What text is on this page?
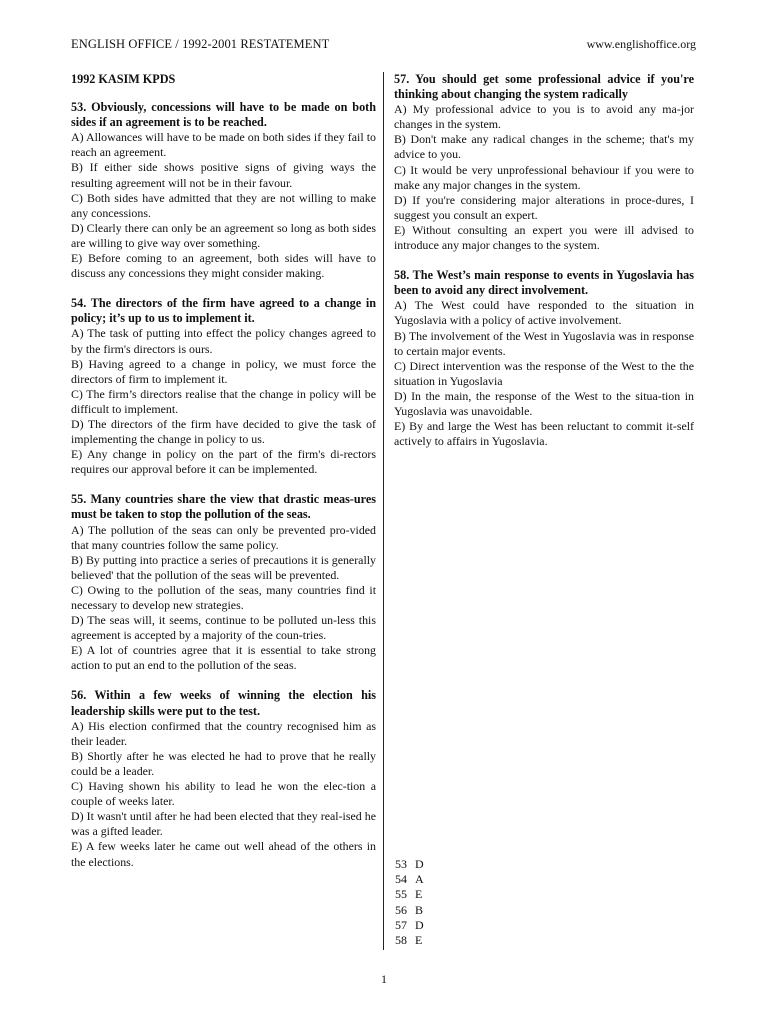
ENGLISH OFFICE / 1992-2001 RESTATEMENT	www.englishoffice.org
1992 KASIM KPDS
53. Obviously, concessions will have to be made on both sides if an agreement is to be reached.
A) Allowances will have to be made on both sides if they fail to reach an agreement.
B) If either side shows positive signs of giving ways the resulting agreement will not be in their favour.
C) Both sides have admitted that they are not willing to make any concessions.
D) Clearly there can only be an agreement so long as both sides are willing to give way over something.
E) Before coming to an agreement, both sides will have to discuss any concessions they might consider making.
54. The directors of the firm have agreed to a change in policy; it’s up to us to implement it.
A) The task of putting into effect the policy changes agreed to by the firm's directors is ours.
B) Having agreed to a change in policy, we must force the directors of firm to implement it.
C) The firm’s directors realise that the change in policy will be difficult to implement.
D) The directors of the firm have decided to give the task of implementing the change in policy to us.
E) Any change in policy on the part of the firm's di-rectors requires our approval before it can be implemented.
55. Many countries share the view that drastic meas-ures must be taken to stop the pollution of the seas.
A) The pollution of the seas can only be prevented pro-vided that many countries follow the same policy.
B) By putting into practice a series of precautions it is generally believed' that the pollution of the seas will be prevented.
C) Owing to the pollution of the seas, many countries find it necessary to develop new strategies.
D) The seas will, it seems, continue to be polluted un-less this agreement is accepted by a majority of the coun-tries.
E) A lot of countries agree that it is essential to take strong action to put an end to the pollution of the seas.
56. Within a few weeks of winning the election his leadership skills were put to the test.
A) His election confirmed that the country recognised him as their leader.
B) Shortly after he was elected he had to prove that he really could be a leader.
C) Having shown his ability to lead he won the elec-tion a couple of weeks later.
D) It wasn't until after he had been elected that they real-ised he was a gifted leader.
E) A few weeks later he came out well ahead of the others in the elections.
57. You should get some professional advice if you're thinking about changing the system radically
A) My professional advice to you is to avoid any ma-jor changes in the system.
B) Don't make any radical changes in the scheme; that's my advice to you.
C) It would be very unprofessional behaviour if you were to make any major changes in the system.
D) If you're considering major alterations in proce-dures, I suggest you consult an expert.
E) Without consulting an expert you were ill advised to introduce any major changes to the system.
58. The West’s main response to events in Yugoslavia has been to avoid any direct involvement.
A) The West could have responded to the situation in Yugoslavia with a policy of active involvement.
B) The involvement of the West in Yugoslavia was in response to certain major events.
C) Direct intervention was the response of the West to the the situation in Yugoslavia
D) In the main, the response of the West to the situa-tion in Yugoslavia was unavoidable.
E) By and large the West has been reluctant to commit it-self actively to affairs in Yugoslavia.
53 D
54 A
55 E
56 B
57 D
58 E
1
